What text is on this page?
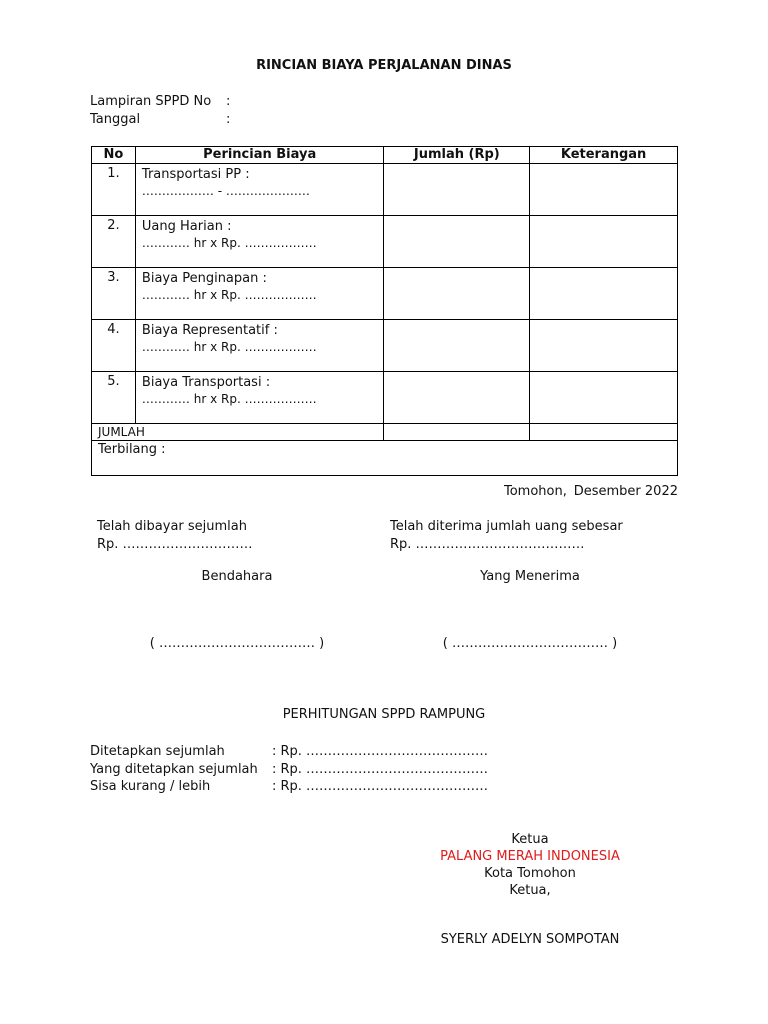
RINCIAN BIAYA PERJALANAN DINAS
Lampiran SPPD No :
Tanggal	:
No	Perincian Biaya	Jumlah (Rp)	Keterangan
1.	Transportasi PP :
……………… - …………………		

2.	Uang Harian :
………… hr x Rp. ………………		

3.	Biaya Penginapan :
………… hr x Rp. ………………		

4.	Biaya Representatif :
………… hr x Rp. ………………		

5.	Biaya Transportasi :
………… hr x Rp. ………………		

JUMLAH			
Terbilang :			
Tomohon, Desember 2022
Telah dibayar sejumlah
Rp. …………………………
Telah diterima jumlah uang sebesar
Rp. …………………………………
Bendahara	Yang Menerima
( ……………………………… )	( ……………………………… )
PERHITUNGAN SPPD RAMPUNG
Ditetapkan sejumlah	: Rp. ……………………………………
Yang ditetapkan sejumlah : Rp. ……………………………………
Sisa kurang / lebih	: Rp. ……………………………………
Ketua
PALANG MERAH INDONESIA
Kota Tomohon
Ketua,
SYERLY ADELYN SOMPOTAN
